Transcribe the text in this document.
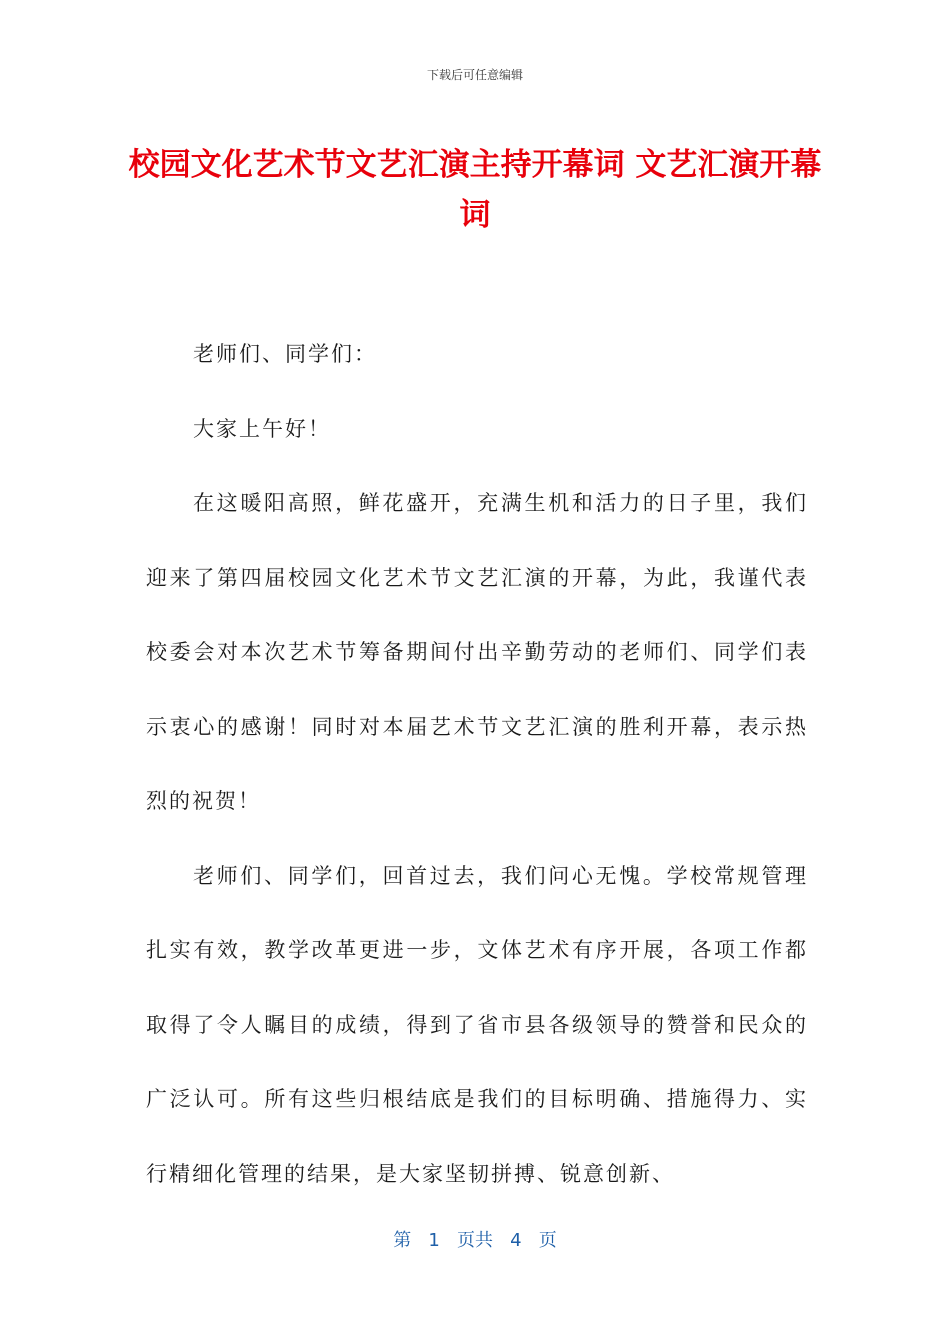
下载后可任意编辑
校园文化艺术节文艺汇演主持开幕词 文艺汇演开幕词

老师们、同学们：

大家上午好！

在这暖阳高照，鲜花盛开，充满生机和活力的日子里，我们迎来了第四届校园文化艺术节文艺汇演的开幕，为此，我谨代表校委会对本次艺术节筹备期间付出辛勤劳动的老师们、同学们表示衷心的感谢！同时对本届艺术节文艺汇演的胜利开幕，表示热烈的祝贺！

老师们、同学们，回首过去，我们问心无愧。学校常规管理扎实有效，教学改革更进一步，文体艺术有序开展，各项工作都取得了令人瞩目的成绩，得到了省市县各级领导的赞誉和民众的广泛认可。所有这些归根结底是我们的目标明确、措施得力、实行精细化管理的结果，是大家坚韧拼搏、锐意创新、

第 1 页共 4 页
